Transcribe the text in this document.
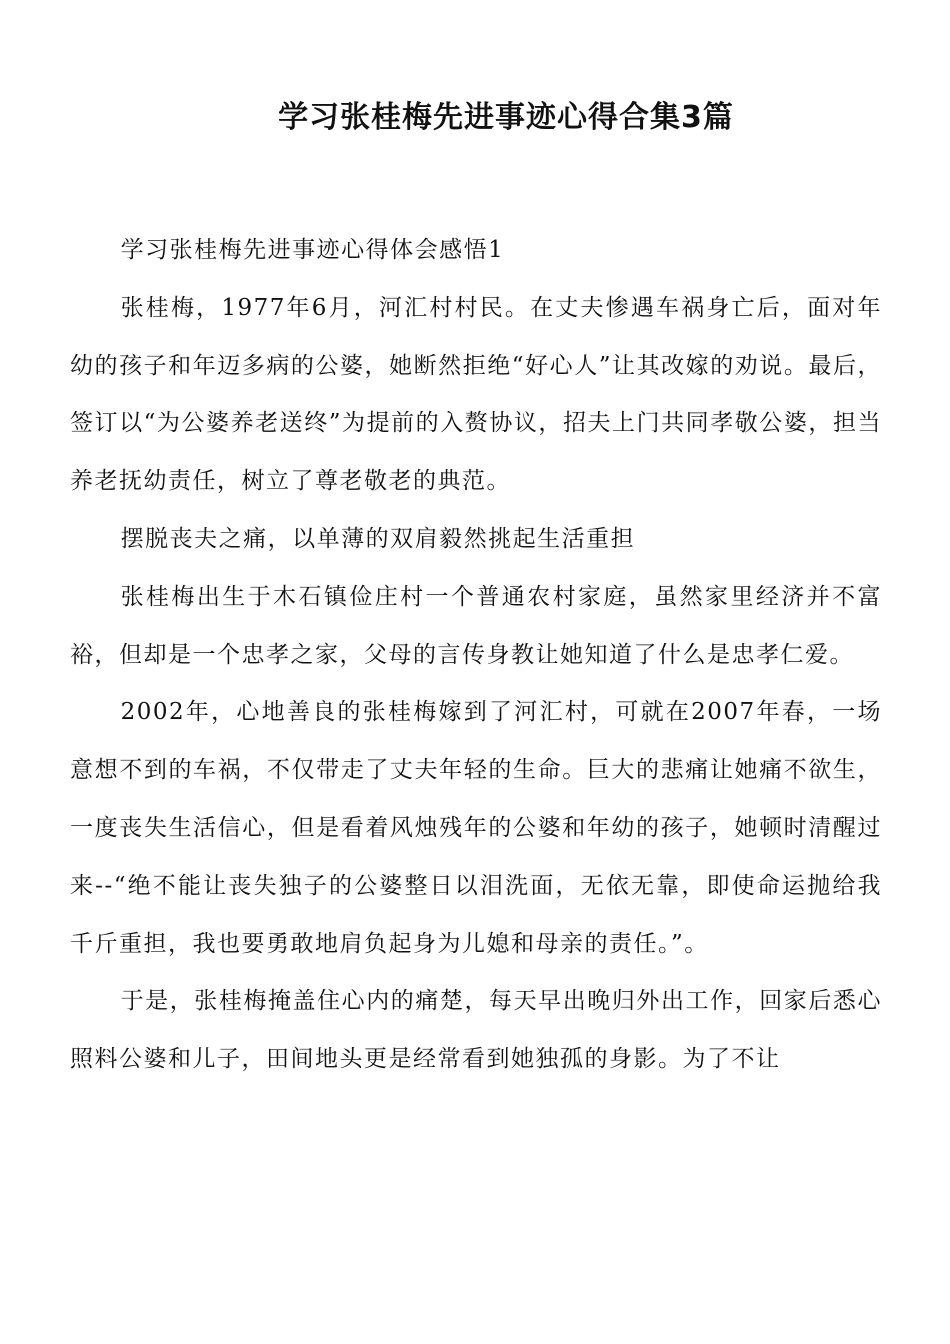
学习张桂梅先进事迹心得合集3篇

学习张桂梅先进事迹心得体会感悟1

张桂梅，1977年6月，河汇村村民。在丈夫惨遇车祸身亡后，面对年幼的孩子和年迈多病的公婆，她断然拒绝“好心人”让其改嫁的劝说。最后，签订以“为公婆养老送终”为提前的入赘协议，招夫上门共同孝敬公婆，担当养老抚幼责任，树立了尊老敬老的典范。

摆脱丧夫之痛，以单薄的双肩毅然挑起生活重担

张桂梅出生于木石镇俭庄村一个普通农村家庭，虽然家里经济并不富裕，但却是一个忠孝之家，父母的言传身教让她知道了什么是忠孝仁爱。

2002年，心地善良的张桂梅嫁到了河汇村，可就在2007年春，一场意想不到的车祸，不仅带走了丈夫年轻的生命。巨大的悲痛让她痛不欲生，一度丧失生活信心，但是看着风烛残年的公婆和年幼的孩子，她顿时清醒过来--“绝不能让丧失独子的公婆整日以泪洗面，无依无靠，即使命运抛给我千斤重担，我也要勇敢地肩负起身为儿媳和母亲的责任。”。

于是，张桂梅掩盖住心内的痛楚，每天早出晚归外出工作，回家后悉心照料公婆和儿子，田间地头更是经常看到她独孤的身影。为了不让
